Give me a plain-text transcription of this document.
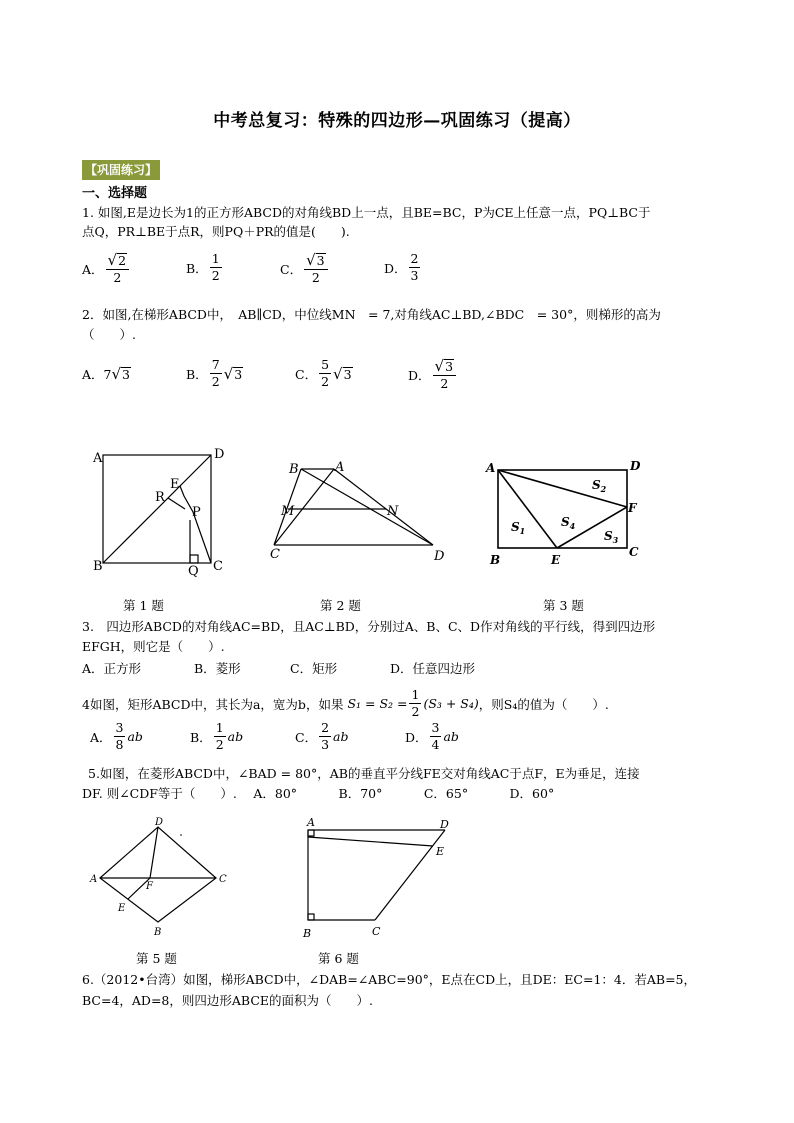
中考总复习：特殊的四边形—巩固练习（提高）
【巩固练习】
一、选择题
1. 如图,E是边长为1的正方形ABCD的对角线BD上一点，且BE=BC，P为CE上任意一点，PQ⊥BC于
点Q，PR⊥BE于点R，则PQ＋PR的值是(　　).
A． $\frac{√ 2}{2}$	B． $\frac{1}{2}$	C． $\frac{√ 3}{2}$	D． $\frac{2}{3}$
2．如图,在梯形ABCD中，　AB∥CD，中位线MN　= 7,对角线AC⊥BD,∠BDC　= 30°，则梯形的高为
（　　）.
A． 7 √ 3	B． $\frac{7}{2}$ √ 3	C． $\frac{5}{2}$ √ 3	D． $\frac{√ 3}{2}$
A	D
B	C
E
R
P
Q
第 1 题
B	A
M	N
C	D
第 2 题
A	D
F
B	E
C
$S_2$
$S_1$
$S_4$
$S_3$
第 3 题
D
A	C
F
E
B
第 5 题
A	D
E
B	C
第 6 题
3.　四边形ABCD的对角线AC=BD，且AC⊥BD，分别过A、B、C、D作对角线的平行线，得到四边形
EFGH，则它是（　　）.
A．正方形	B．菱形	C．矩形	D．任意四边形
4如图，矩形ABCD中，其长为a，宽为b，如果 $S_1 = S_2 = \frac{1}{2} (S_3 + S_4)$ ，则S₄的值为（　　）.
A． $\frac{3}{8}$ ab	B． $\frac{1}{2}$ ab	C． $\frac{2}{3}$ ab	D． $\frac{3}{4}$ ab
5.如图，在菱形ABCD中，∠BAD = 80°，AB的垂直平分线FE交对角线AC于点F，E为垂足，连接
DF. 则∠CDF等于（　　）.　 A．80°　　　 B．70°　　　 C．65°　　　 D．60°
6.（2012•台湾）如图，梯形ABCD中，∠DAB=∠ABC=90°，E点在CD上，且DE：EC=1：4．若AB=5，
BC=4，AD=8，则四边形ABCE的面积为（　　）.
